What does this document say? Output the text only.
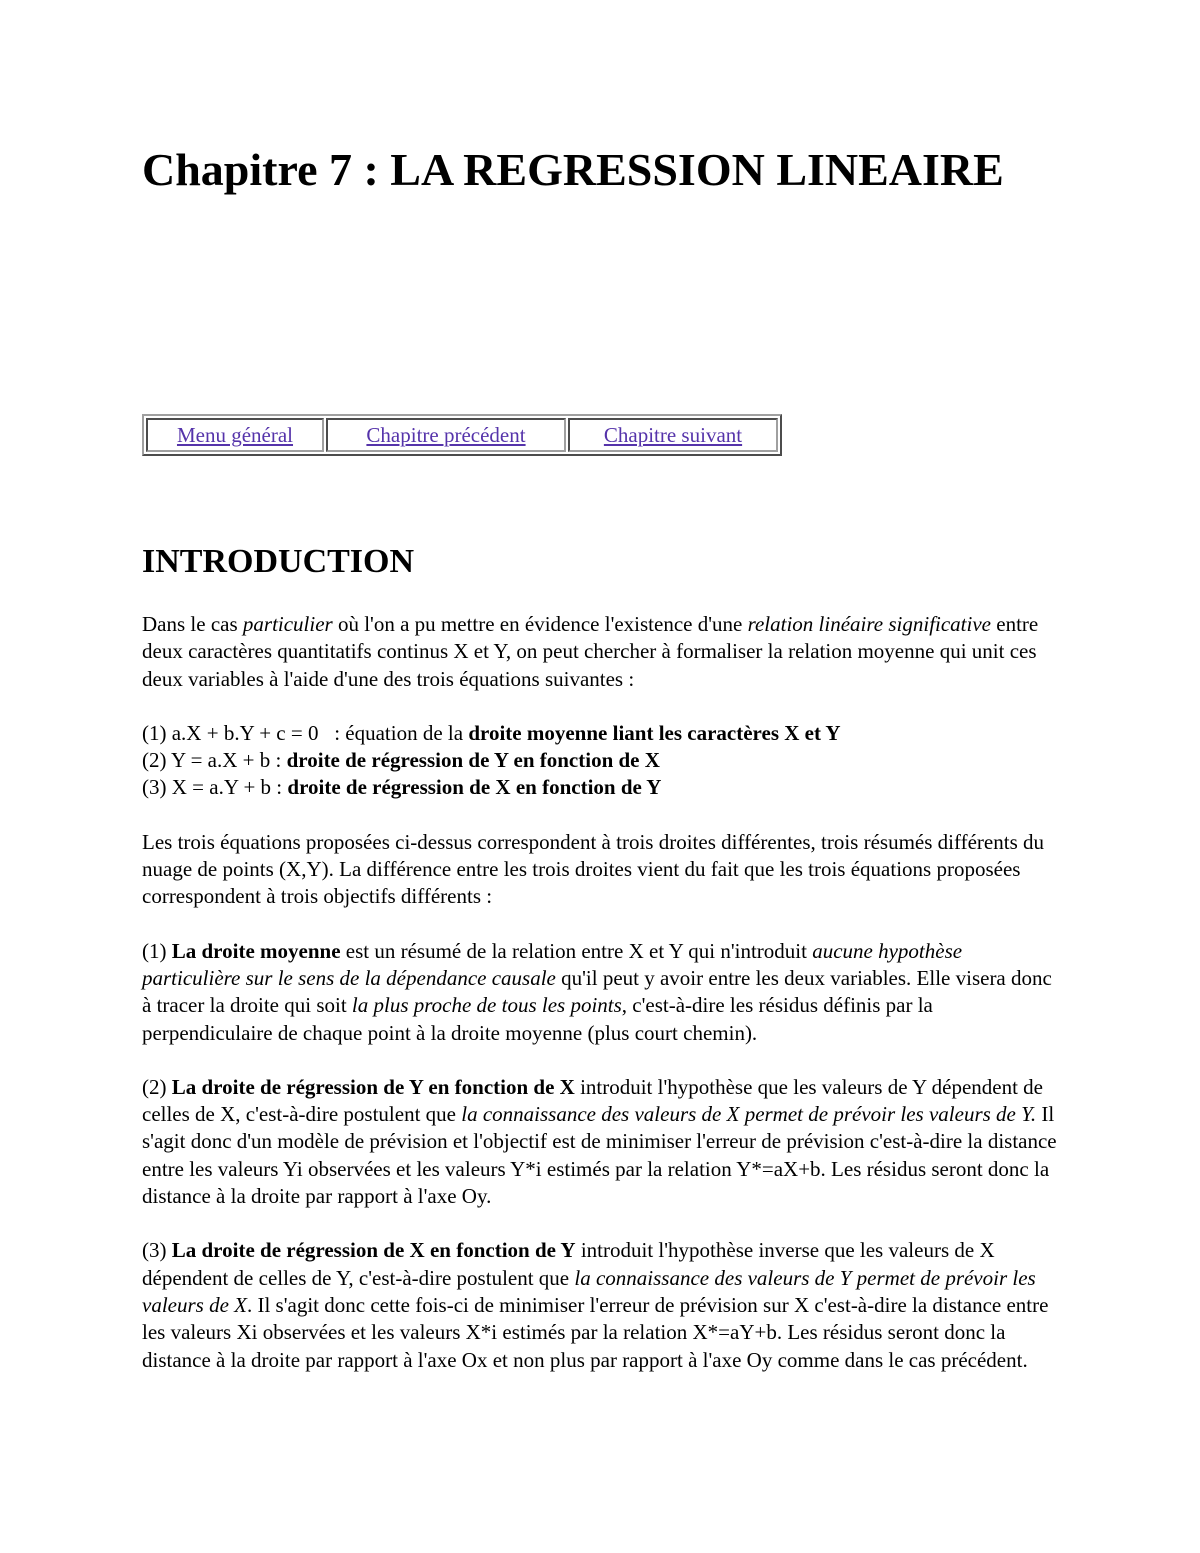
Chapitre 7 : LA REGRESSION LINEAIRE
Menu général	Chapitre précédent	Chapitre suivant
INTRODUCTION

Dans le cas particulier où l'on a pu mettre en évidence l'existence d'une relation linéaire significative entre deux caractères quantitatifs continus X et Y, on peut chercher à formaliser la relation moyenne qui unit ces deux variables à l'aide d'une des trois équations suivantes :

(1) a.X + b.Y + c = 0   : équation de la droite moyenne liant les caractères X et Y
(2) Y = a.X + b : droite de régression de Y en fonction de X
(3) X = a.Y + b : droite de régression de X en fonction de Y

Les trois équations proposées ci-dessus correspondent à trois droites différentes, trois résumés différents du nuage de points (X,Y). La différence entre les trois droites vient du fait que les trois équations proposées correspondent à trois objectifs différents :

(1) La droite moyenne est un résumé de la relation entre X et Y qui n'introduit aucune hypothèse particulière sur le sens de la dépendance causale qu'il peut y avoir entre les deux variables. Elle visera donc à tracer la droite qui soit la plus proche de tous les points, c'est-à-dire les résidus définis par la perpendiculaire de chaque point à la droite moyenne (plus court chemin).

(2) La droite de régression de Y en fonction de X introduit l'hypothèse que les valeurs de Y dépendent de celles de X, c'est-à-dire postulent que la connaissance des valeurs de X permet de prévoir les valeurs de Y. Il s'agit donc d'un modèle de prévision et l'objectif est de minimiser l'erreur de prévision c'est-à-dire la distance entre les valeurs Yi observées et les valeurs Y*i estimés par la relation Y*=aX+b. Les résidus seront donc la distance à la droite par rapport à l'axe Oy.

(3) La droite de régression de X en fonction de Y introduit l'hypothèse inverse que les valeurs de X dépendent de celles de Y, c'est-à-dire postulent que la connaissance des valeurs de Y permet de prévoir les valeurs de X. Il s'agit donc cette fois-ci de minimiser l'erreur de prévision sur X c'est-à-dire la distance entre les valeurs Xi observées et les valeurs X*i estimés par la relation X*=aY+b. Les résidus seront donc la distance à la droite par rapport à l'axe Ox et non plus par rapport à l'axe Oy comme dans le cas précédent.
